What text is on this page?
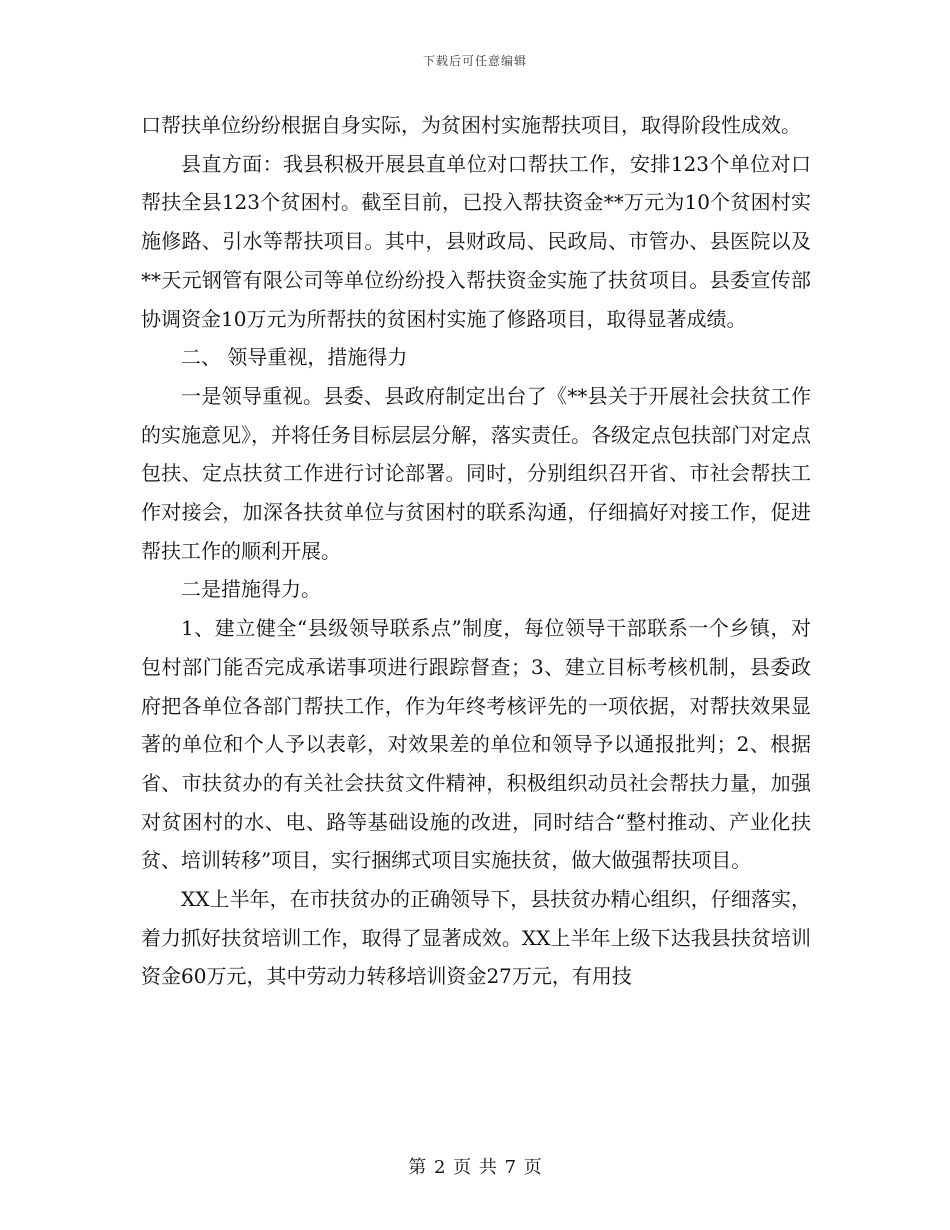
下载后可任意编辑

口帮扶单位纷纷根据自身实际，为贫困村实施帮扶项目，取得阶段性成效。

县直方面：我县积极开展县直单位对口帮扶工作，安排123个单位对口帮扶全县123个贫困村。截至目前，已投入帮扶资金**万元为10个贫困村实施修路、引水等帮扶项目。其中，县财政局、民政局、市管办、县医院以及**天元钢管有限公司等单位纷纷投入帮扶资金实施了扶贫项目。县委宣传部协调资金10万元为所帮扶的贫困村实施了修路项目，取得显著成绩。

二、 领导重视，措施得力

一是领导重视。县委、县政府制定出台了《**县关于开展社会扶贫工作的实施意见》，并将任务目标层层分解，落实责任。各级定点包扶部门对定点包扶、定点扶贫工作进行讨论部署。同时，分别组织召开省、市社会帮扶工作对接会，加深各扶贫单位与贫困村的联系沟通，仔细搞好对接工作，促进帮扶工作的顺利开展。

二是措施得力。

1、建立健全“县级领导联系点”制度，每位领导干部联系一个乡镇，对包村部门能否完成承诺事项进行跟踪督查；3、建立目标考核机制，县委政府把各单位各部门帮扶工作，作为年终考核评先的一项依据，对帮扶效果显著的单位和个人予以表彰，对效果差的单位和领导予以通报批判；2、根据省、市扶贫办的有关社会扶贫文件精神，积极组织动员社会帮扶力量，加强对贫困村的水、电、路等基础设施的改进，同时结合“整村推动、产业化扶贫、培训转移”项目，实行捆绑式项目实施扶贫，做大做强帮扶项目。

XX上半年，在市扶贫办的正确领导下，县扶贫办精心组织，仔细落实，着力抓好扶贫培训工作，取得了显著成效。XX上半年上级下达我县扶贫培训资金60万元，其中劳动力转移培训资金27万元，有用技

第 2 页 共 7 页
